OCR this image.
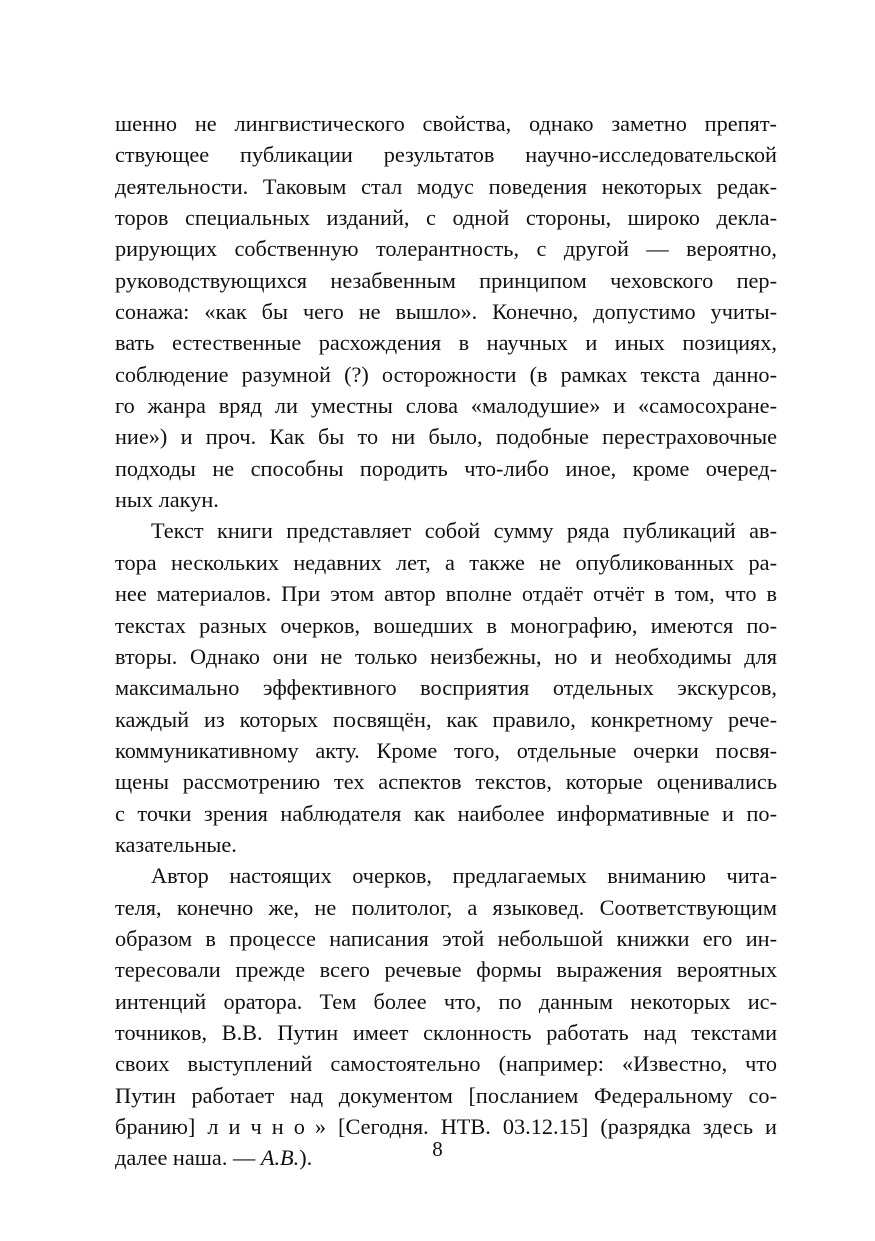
шенно не лингвистического свойства, однако заметно препят-
ствующее публикации результатов научно-исследовательской
деятельности. Таковым стал модус поведения некоторых редак-
торов специальных изданий, с одной стороны, широко декла-
рирующих собственную толерантность, с другой — вероятно,
руководствующихся незабвенным принципом чеховского пер-
сонажа: «как бы чего не вышло». Конечно, допустимо учиты-
вать естественные расхождения в научных и иных позициях,
соблюдение разумной (?) осторожности (в рамках текста данно-
го жанра вряд ли уместны слова «малодушие» и «самосохране-
ние») и проч. Как бы то ни было, подобные перестраховочные
подходы не способны породить что-либо иное, кроме очеред-
ных лакун.
Текст книги представляет собой сумму ряда публикаций ав-
тора нескольких недавних лет, а также не опубликованных ра-
нее материалов. При этом автор вполне отдаёт отчёт в том, что в
текстах разных очерков, вошедших в монографию, имеются по-
вторы. Однако они не только неизбежны, но и необходимы для
максимально эффективного восприятия отдельных экскурсов,
каждый из которых посвящён, как правило, конкретному рече-
коммуникативному акту. Кроме того, отдельные очерки посвя-
щены рассмотрению тех аспектов текстов, которые оценивались
с точки зрения наблюдателя как наиболее информативные и по-
казательные.
Автор настоящих очерков, предлагаемых вниманию чита-
теля, конечно же, не политолог, а языковед. Соответствующим
образом в процессе написания этой небольшой книжки его ин-
тересовали прежде всего речевые формы выражения вероятных
интенций оратора. Тем более что, по данным некоторых ис-
точников, В.В. Путин имеет склонность работать над текстами
своих выступлений самостоятельно (например: «Известно, что
Путин работает над документом [посланием Федеральному со-
бранию] лично» [Сегодня. НТВ. 03.12.15] (разрядка здесь и
далее наша. — А.В.).	8
